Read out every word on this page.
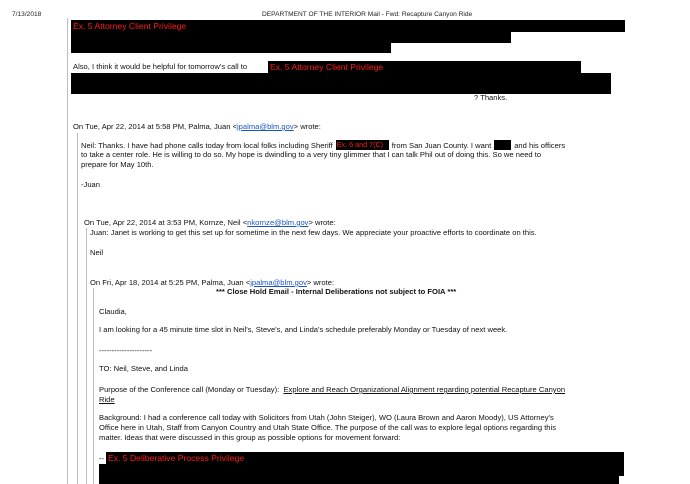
7/13/2018	DEPARTMENT OF THE INTERIOR Mail - Fwd: Recapture Canyon Ride
Ex. 5 Attorney Client Privilege
Also, I think it would be helpful for tomorrow's call to	Ex. 5 Attorney Client Privilege
? Thanks.
On Tue, Apr 22, 2014 at 5:58 PM, Palma, Juan <jpalma@blm.gov> wrote:
Neil: Thanks. I have had phone calls today from local folks including Sheriff Ex. 6 and 7(C) from San Juan County. I want	and his officers
to take a center role. He is willing to do so. My hope is dwindling to a very tiny glimmer that I can talk Phil out of doing this. So we need to
prepare for May 10th.
-Juan
On Tue, Apr 22, 2014 at 3:53 PM, Kornze, Neil <nkornze@blm.gov> wrote:
Juan: Janet is working to get this set up for sometime in the next few days. We appreciate your proactive efforts to coordinate on this.
Neil
On Fri, Apr 18, 2014 at 5:25 PM, Palma, Juan <jpalma@blm.gov> wrote:
*** Close Hold Email - Internal Deliberations not subject to FOIA ***
Claudia,
I am looking for a 45 minute time slot in Neil's, Steve's, and Linda's schedule preferably Monday or Tuesday of next week.
---------------------
TO: Neil, Steve, and Linda
Purpose of the Conference call (Monday or Tuesday): Explore and Reach Organizational Alignment regarding potential Recapture Canyon
Ride
Background: I had a conference call today with Solicitors from Utah (John Steiger), WO (Laura Brown and Aaron Moody), US Attorney's
Office here in Utah, Staff from Canyon Country and Utah State Office. The purpose of the call was to explore legal options regarding this
matter. Ideas that were discussed in this group as possible options for movement forward:
-- Ex. 5 Deliberative Process Privilege
